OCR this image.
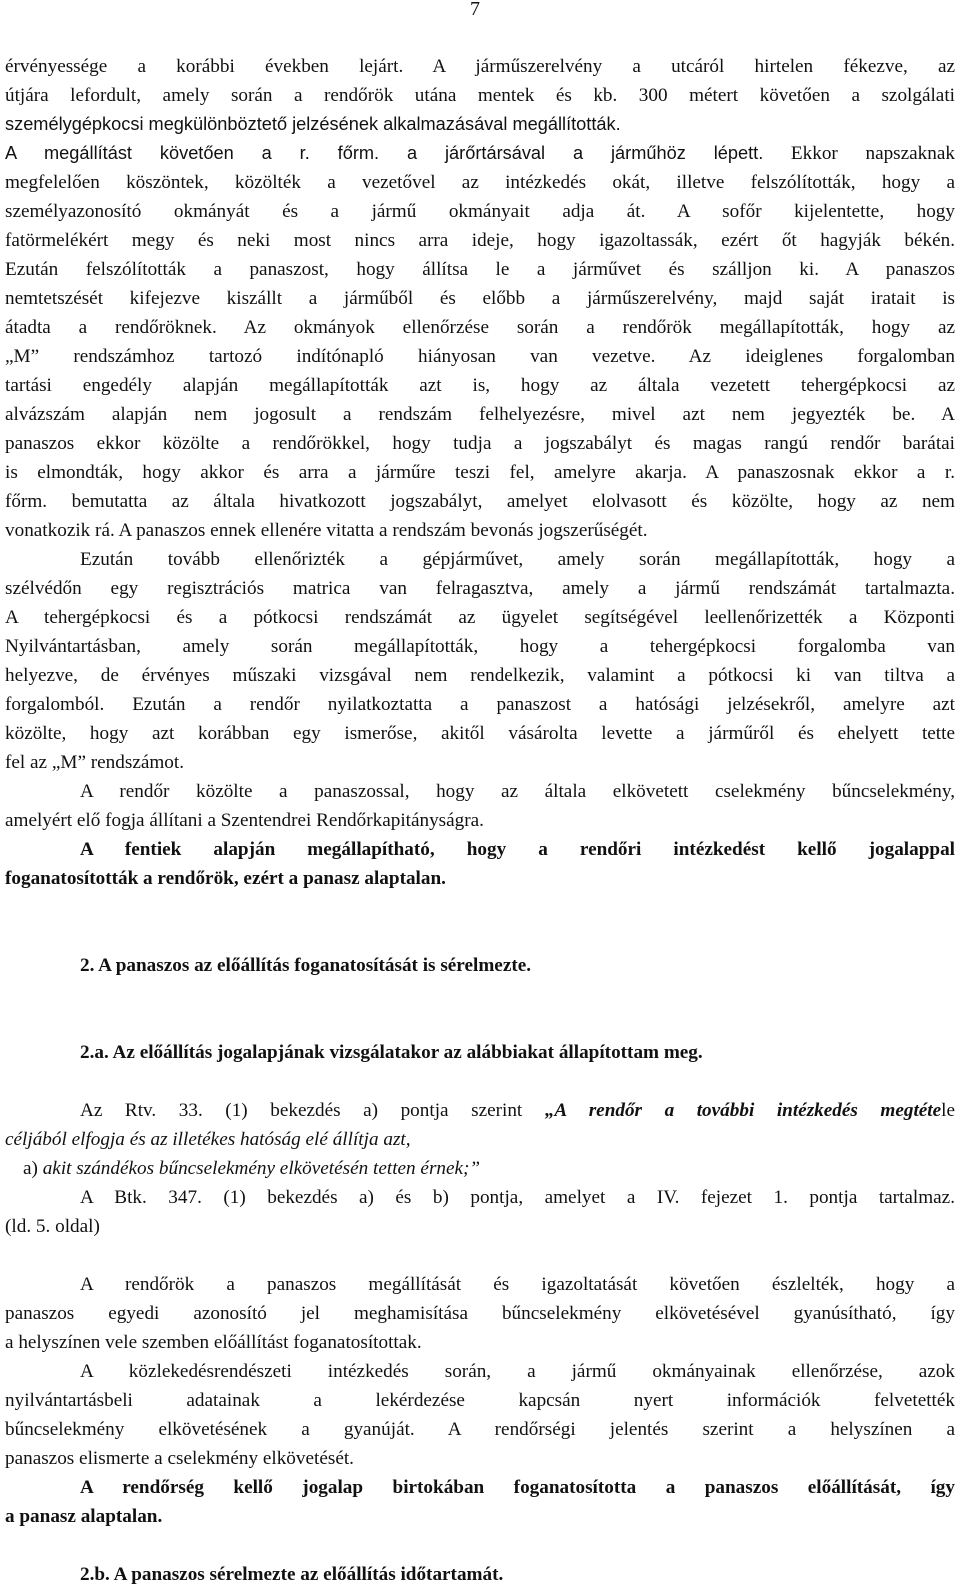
7
érvényessége a korábbi években lejárt. A járműszerelvény a utcáról hirtelen fékezve, az
útjára lefordult, amely során a rendőrök utána mentek és kb. 300 métert követően a szolgálati
személygépkocsi megkülönböztető jelzésének alkalmazásával megállították.
A megállítást követően a r. főrm. a járőrtársával a járműhöz lépett. Ekkor napszaknak
megfelelően köszöntek, közölték a vezetővel az intézkedés okát, illetve felszólították, hogy a
személyazonosító okmányát és a jármű okmányait adja át. A sofőr kijelentette, hogy
fatörmelékért megy és neki most nincs arra ideje, hogy igazoltassák, ezért őt hagyják békén.
Ezután felszólították a panaszost, hogy állítsa le a járművet és szálljon ki. A panaszos
nemtetszését kifejezve kiszállt a járműből és előbb a járműszerelvény, majd saját iratait is
átadta a rendőröknek. Az okmányok ellenőrzése során a rendőrök megállapították, hogy az
„M” rendszámhoz tartozó indítónapló hiányosan van vezetve. Az ideiglenes forgalomban
tartási engedély alapján megállapították azt is, hogy az általa vezetett tehergépkocsi az
alvázszám alapján nem jogosult a rendszám felhelyezésre, mivel azt nem jegyezték be. A
panaszos ekkor közölte a rendőrökkel, hogy tudja a jogszabályt és magas rangú rendőr barátai
is elmondták, hogy akkor és arra a járműre teszi fel, amelyre akarja. A panaszosnak ekkor a r.
főrm. bemutatta az általa hivatkozott jogszabályt, amelyet elolvasott és közölte, hogy az nem
vonatkozik rá. A panaszos ennek ellenére vitatta a rendszám bevonás jogszerűségét.
Ezután tovább ellenőrizték a gépjárművet, amely során megállapították, hogy a
szélvédőn egy regisztrációs matrica van felragasztva, amely a jármű rendszámát tartalmazta.
A tehergépkocsi és a pótkocsi rendszámát az ügyelet segítségével leellenőrizették a Központi
Nyilvántartásban, amely során megállapították, hogy a tehergépkocsi forgalomba van
helyezve, de érvényes műszaki vizsgával nem rendelkezik, valamint a pótkocsi ki van tiltva a
forgalomból. Ezután a rendőr nyilatkoztatta a panaszost a hatósági jelzésekről, amelyre azt
közölte, hogy azt korábban egy ismerőse, akitől vásárolta levette a járműről és ehelyett tette
fel az „M” rendszámot.
A rendőr közölte a panaszossal, hogy az általa elkövetett cselekmény bűncselekmény,
amelyért elő fogja állítani a Szentendrei Rendőrkapitányságra.
A fentiek alapján megállapítható, hogy a rendőri intézkedést kellő jogalappal
foganatosították a rendőrök, ezért a panasz alaptalan.
2. A panaszos az előállítás foganatosítását is sérelmezte.
2.a. Az előállítás jogalapjának vizsgálatakor az alábbiakat állapítottam meg.
Az Rtv. 33. (1) bekezdés a) pontja szerint „A rendőr a további intézkedés megtétele
céljából elfogja és az illetékes hatóság elé állítja azt,
a) akit szándékos bűncselekmény elkövetésén tetten érnek;”
A Btk. 347. (1) bekezdés a) és b) pontja, amelyet a IV. fejezet 1. pontja tartalmaz.
(ld. 5. oldal)
A rendőrök a panaszos megállítását és igazoltatását követően észlelték, hogy a
panaszos egyedi azonosító jel meghamisítása bűncselekmény elkövetésével gyanúsítható, így
a helyszínen vele szemben előállítást foganatosítottak.
A közlekedésrendészeti intézkedés során, a jármű okmányainak ellenőrzése, azok
nyilvántartásbeli adatainak a lekérdezése kapcsán nyert információk felvetették
bűncselekmény elkövetésének a gyanúját. A rendőrségi jelentés szerint a helyszínen a
panaszos elismerte a cselekmény elkövetését.
A rendőrség kellő jogalap birtokában foganatosította a panaszos előállítását, így
a panasz alaptalan.
2.b. A panaszos sérelmezte az előállítás időtartamát.
